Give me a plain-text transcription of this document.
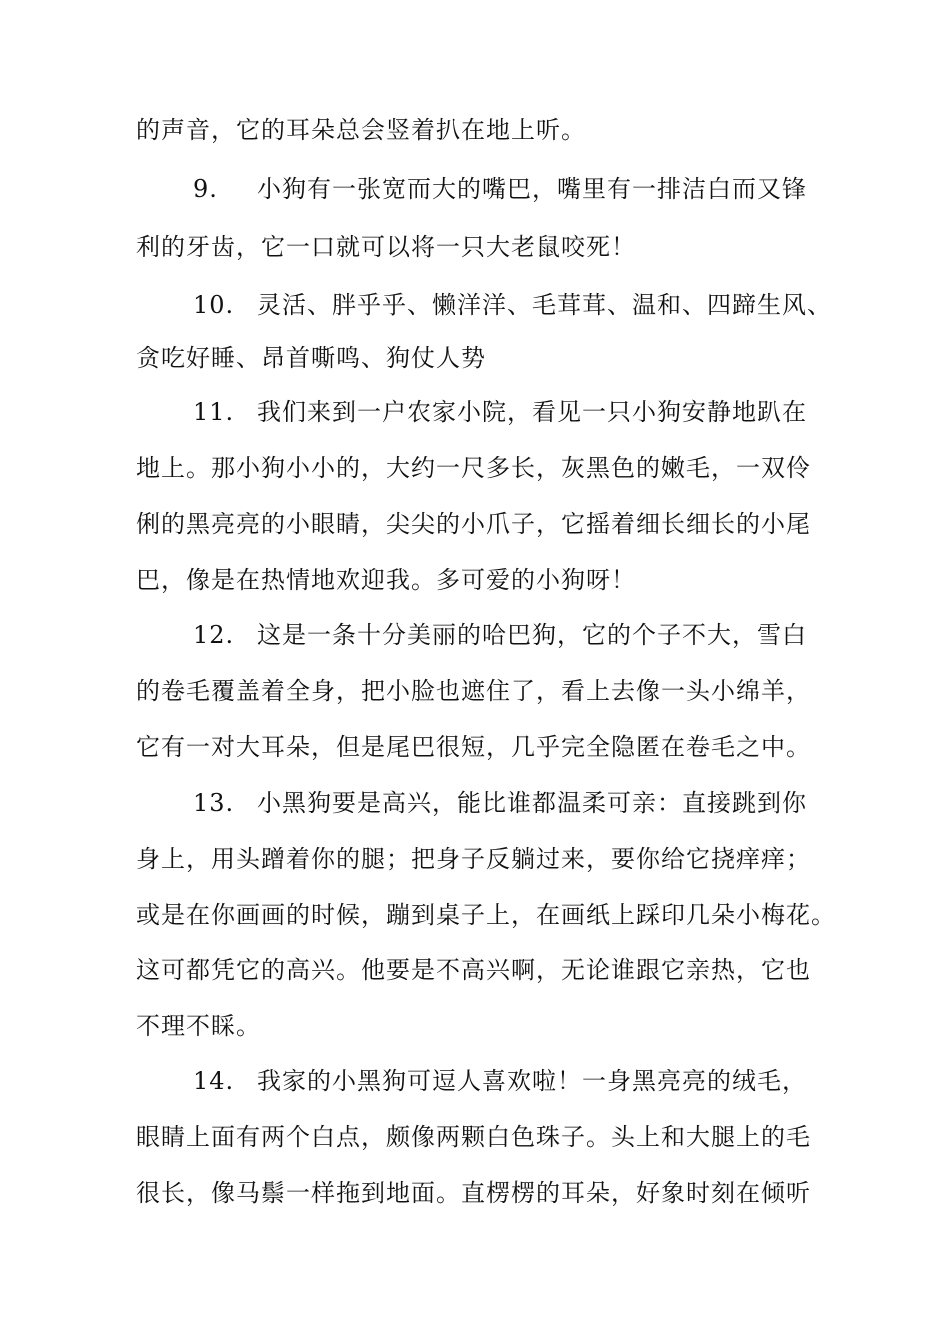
的声音，它的耳朵总会竖着扒在地上听。
9. 小狗有一张宽而大的嘴巴，嘴里有一排洁白而又锋
利的牙齿，它一口就可以将一只大老鼠咬死！
10. 灵活、胖乎乎、懒洋洋、毛茸茸、温和、四蹄生风、
贪吃好睡、昂首嘶鸣、狗仗人势
11. 我们来到一户农家小院，看见一只小狗安静地趴在
地上。那小狗小小的，大约一尺多长，灰黑色的嫩毛，一双伶
俐的黑亮亮的小眼睛，尖尖的小爪子，它摇着细长细长的小尾
巴，像是在热情地欢迎我。多可爱的小狗呀！
12. 这是一条十分美丽的哈巴狗，它的个子不大，雪白
的卷毛覆盖着全身，把小脸也遮住了，看上去像一头小绵羊，
它有一对大耳朵，但是尾巴很短，几乎完全隐匿在卷毛之中。
13. 小黑狗要是高兴，能比谁都温柔可亲：直接跳到你
身上，用头蹭着你的腿；把身子反躺过来，要你给它挠痒痒；
或是在你画画的时候，蹦到桌子上，在画纸上踩印几朵小梅花。
这可都凭它的高兴。他要是不高兴啊，无论谁跟它亲热，它也
不理不睬。
14. 我家的小黑狗可逗人喜欢啦！一身黑亮亮的绒毛，
眼睛上面有两个白点，颇像两颗白色珠子。头上和大腿上的毛
很长，像马鬃一样拖到地面。直楞楞的耳朵，好象时刻在倾听
